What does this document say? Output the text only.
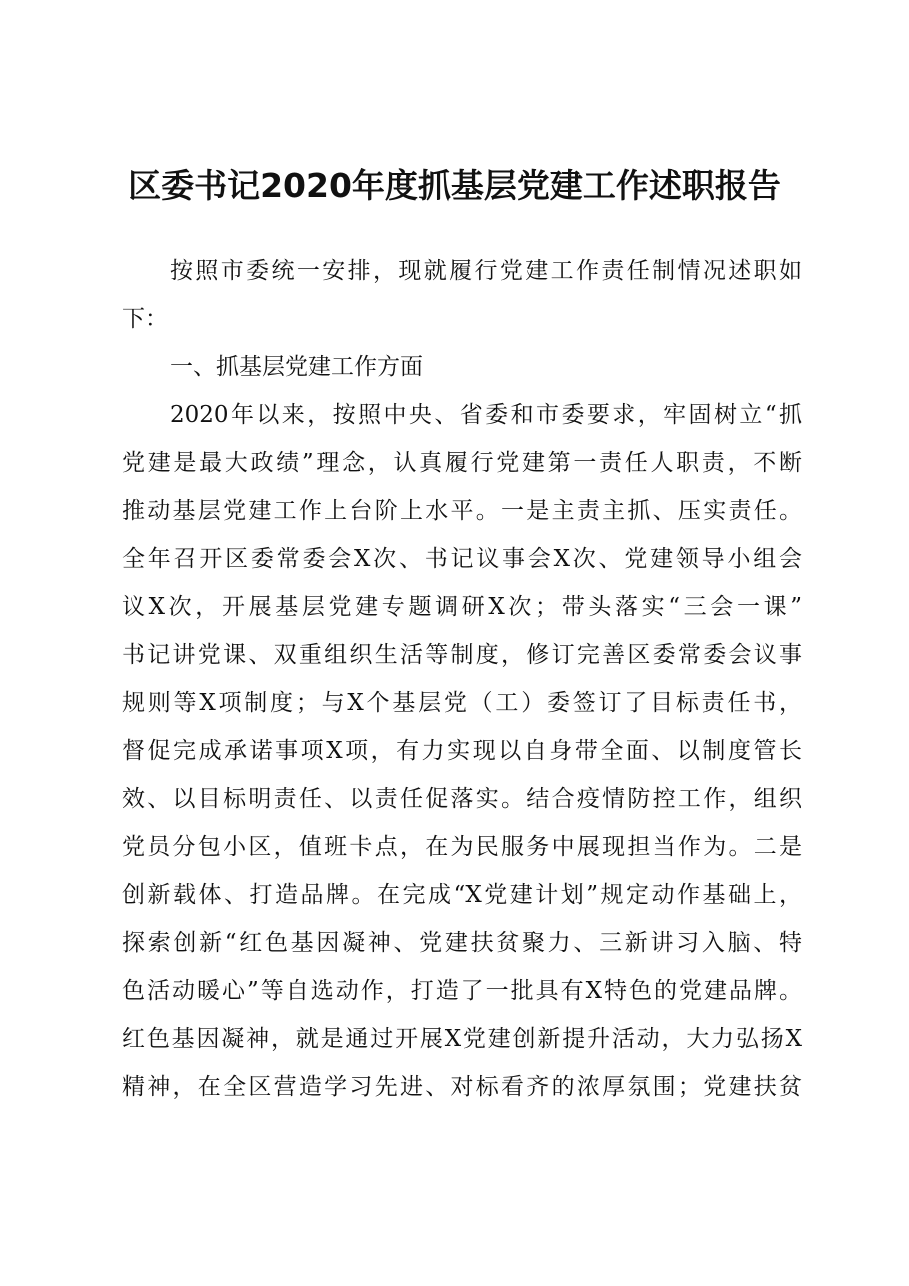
区委书记2020年度抓基层党建工作述职报告
按照市委统一安排，现就履行党建工作责任制情况述职如
下：
一、抓基层党建工作方面
2020年以来，按照中央、省委和市委要求，牢固树立“抓
党建是最大政绩”理念，认真履行党建第一责任人职责，不断
推动基层党建工作上台阶上水平。一是主责主抓、压实责任。
全年召开区委常委会X次、书记议事会X次、党建领导小组会
议X次，开展基层党建专题调研X次；带头落实“三会一课”
书记讲党课、双重组织生活等制度，修订完善区委常委会议事
规则等X项制度；与X个基层党（工）委签订了目标责任书，
督促完成承诺事项X项，有力实现以自身带全面、以制度管长
效、以目标明责任、以责任促落实。结合疫情防控工作，组织
党员分包小区，值班卡点，在为民服务中展现担当作为。二是
创新载体、打造品牌。在完成“X党建计划”规定动作基础上，
探索创新“红色基因凝神、党建扶贫聚力、三新讲习入脑、特
色活动暖心”等自选动作，打造了一批具有X特色的党建品牌。
红色基因凝神，就是通过开展X党建创新提升活动，大力弘扬X
精神，在全区营造学习先进、对标看齐的浓厚氛围；党建扶贫
